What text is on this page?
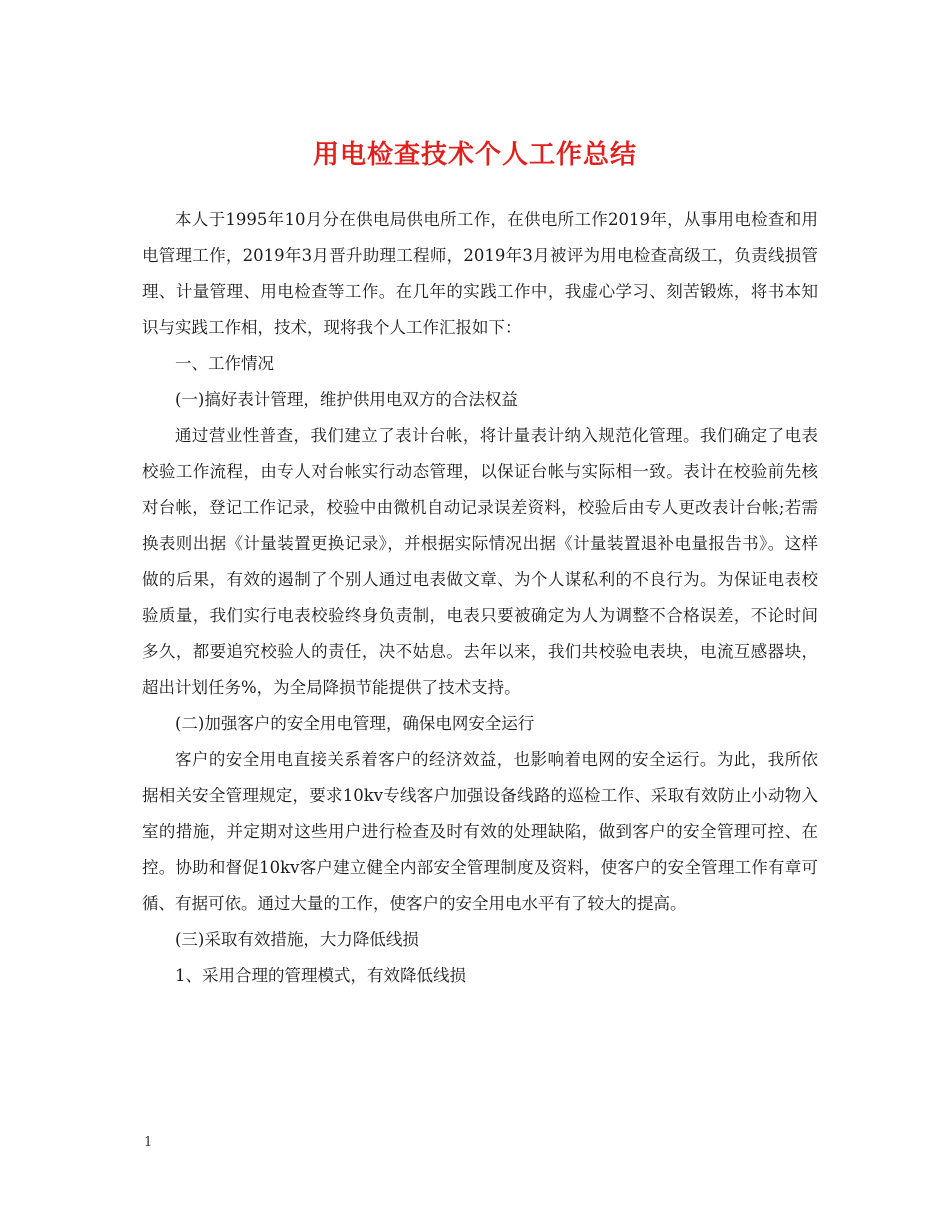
用电检查技术个人工作总结

本人于1995年10月分在供电局供电所工作，在供电所工作2019年，从事用电检查和用电管理工作，2019年3月晋升助理工程师，2019年3月被评为用电检查高级工，负责线损管理、计量管理、用电检查等工作。在几年的实践工作中，我虚心学习、刻苦锻炼，将书本知识与实践工作相，技术，现将我个人工作汇报如下：

一、工作情况

(一)搞好表计管理，维护供用电双方的合法权益

通过营业性普查，我们建立了表计台帐，将计量表计纳入规范化管理。我们确定了电表校验工作流程，由专人对台帐实行动态管理，以保证台帐与实际相一致。表计在校验前先核对台帐，登记工作记录，校验中由微机自动记录误差资料，校验后由专人更改表计台帐;若需换表则出据《计量装置更换记录》，并根据实际情况出据《计量装置退补电量报告书》。这样做的后果，有效的遏制了个别人通过电表做文章、为个人谋私利的不良行为。为保证电表校验质量，我们实行电表校验终身负责制，电表只要被确定为人为调整不合格误差，不论时间多久，都要追究校验人的责任，决不姑息。去年以来，我们共校验电表块，电流互感器块，超出计划任务%，为全局降损节能提供了技术支持。

(二)加强客户的安全用电管理，确保电网安全运行

客户的安全用电直接关系着客户的经济效益，也影响着电网的安全运行。为此，我所依据相关安全管理规定，要求10kv专线客户加强设备线路的巡检工作、采取有效防止小动物入室的措施，并定期对这些用户进行检查及时有效的处理缺陷，做到客户的安全管理可控、在控。协助和督促10kv客户建立健全内部安全管理制度及资料，使客户的安全管理工作有章可循、有据可依。通过大量的工作，使客户的安全用电水平有了较大的提高。

(三)采取有效措施，大力降低线损

1、采用合理的管理模式，有效降低线损

1
